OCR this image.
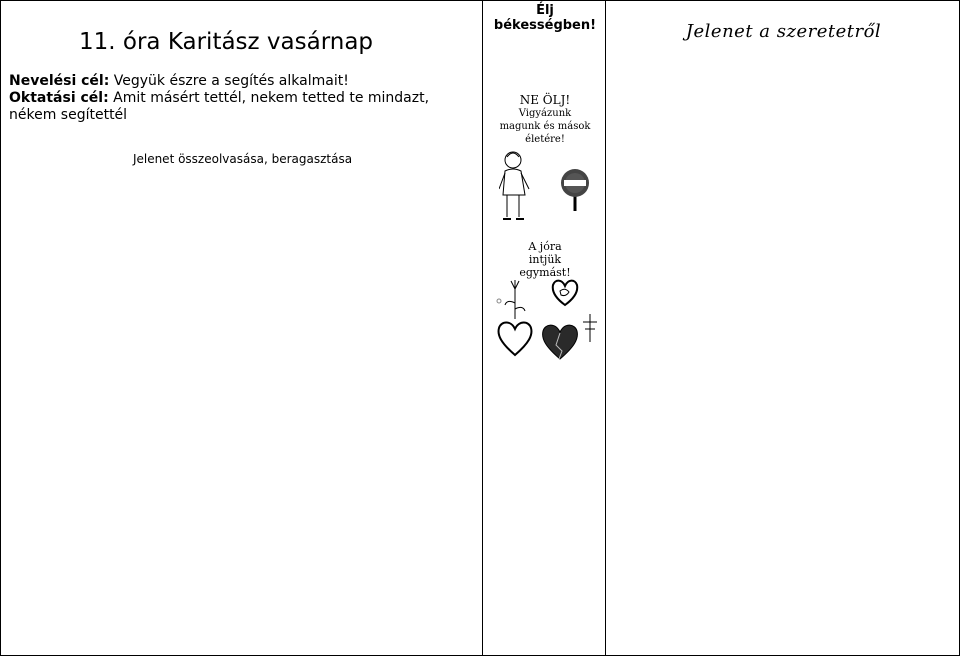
11. óra Karitász vasárnap
Nevelési cél: Vegyük észre a segítés alkalmait!
Oktatási cél: Amit másért tettél, nekem tetted te mindazt, nékem segítettél
Jelenet összeolvasása, beragasztása
Élj
békességben!
NE ÖLJ!
Vigyázunk magunk és mások életére!
A jóra intjük egymást!
Jelenet a szeretetről
